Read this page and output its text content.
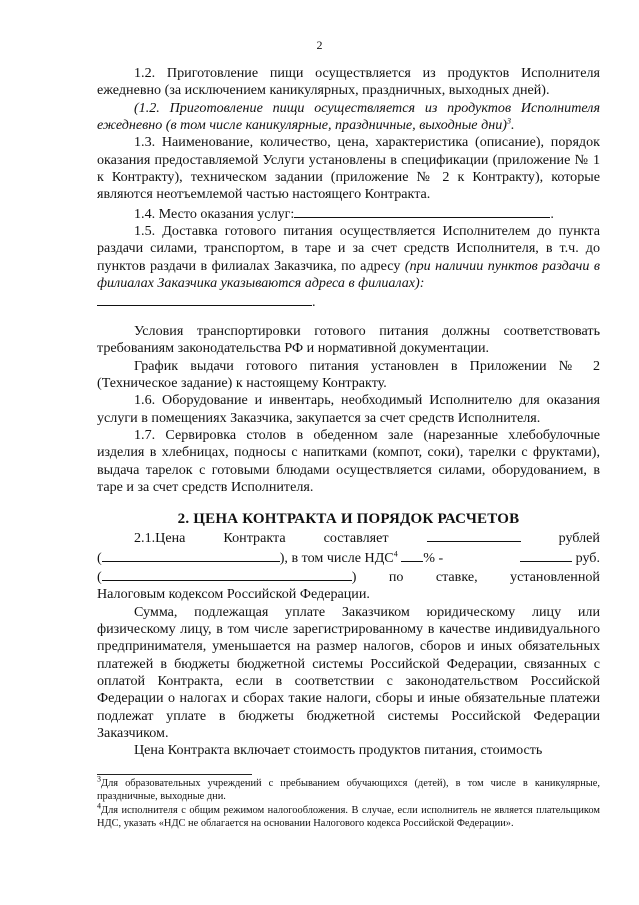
2

1.2. Приготовление пищи осуществляется из продуктов Исполнителя ежедневно (за исключением каникулярных, праздничных, выходных дней).

(1.2. Приготовление пищи осуществляется из продуктов Исполнителя ежедневно (в том числе каникулярные, праздничные, выходные дни)$^3$.

1.3. Наименование, количество, цена, характеристика (описание), порядок оказания предоставляемой Услуги установлены в спецификации (приложение № 1 к Контракту), техническом задании (приложение № 2 к Контракту), которые являются неотъемлемой частью настоящего Контракта.

1.4. Место оказания услуг:	.

1.5. Доставка готового питания осуществляется Исполнителем до пункта раздачи силами, транспортом, в таре и за счет средств Исполнителя, в т.ч. до пунктов раздачи в филиалах Заказчика, по адресу (при наличии пунктов раздачи в филиалах Заказчика указываются адреса в филиалах):
.

Условия транспортировки готового питания должны соответствовать требованиям законодательства РФ и нормативной документации.

График выдачи готового питания установлен в Приложении № 2 (Техническое задание) к настоящему Контракту.

1.6. Оборудование и инвентарь, необходимый Исполнителю для оказания услуги в помещениях Заказчика, закупается за счет средств Исполнителя.

1.7. Сервировка столов в обеденном зале (нарезанные хлебобулочные изделия в хлебницах, подносы с напитками (компот, соки), тарелки с фруктами), выдача тарелок с готовыми блюдами осуществляется силами, оборудованием, в таре и за счет средств Исполнителя.

2. ЦЕНА КОНТРАКТА И ПОРЯДОК РАСЧЕТОВ
2.1.Цена	Контракта	составляет	рублей
(	), в том числе НДС$^4$ % -	руб.
(	) по ставке, установленной

Налоговым кодексом Российской Федерации.

Сумма, подлежащая уплате Заказчиком юридическому лицу или физическому лицу, в том числе зарегистрированному в качестве индивидуального предпринимателя, уменьшается на размер налогов, сборов и иных обязательных платежей в бюджеты бюджетной системы Российской Федерации, связанных с оплатой Контракта, если в соответствии с законодательством Российской Федерации о налогах и сборах такие налоги, сборы и иные обязательные платежи подлежат уплате в бюджеты бюджетной системы Российской Федерации Заказчиком.

Цена Контракта включает стоимость продуктов питания, стоимость

$^3$Для образовательных учреждений с пребыванием обучающихся (детей), в том числе в каникулярные, праздничные, выходные дни.
$^4$Для исполнителя с общим режимом налогообложения. В случае, если исполнитель не является плательщиком НДС, указать «НДС не облагается на основании Налогового кодекса Российской Федерации».
